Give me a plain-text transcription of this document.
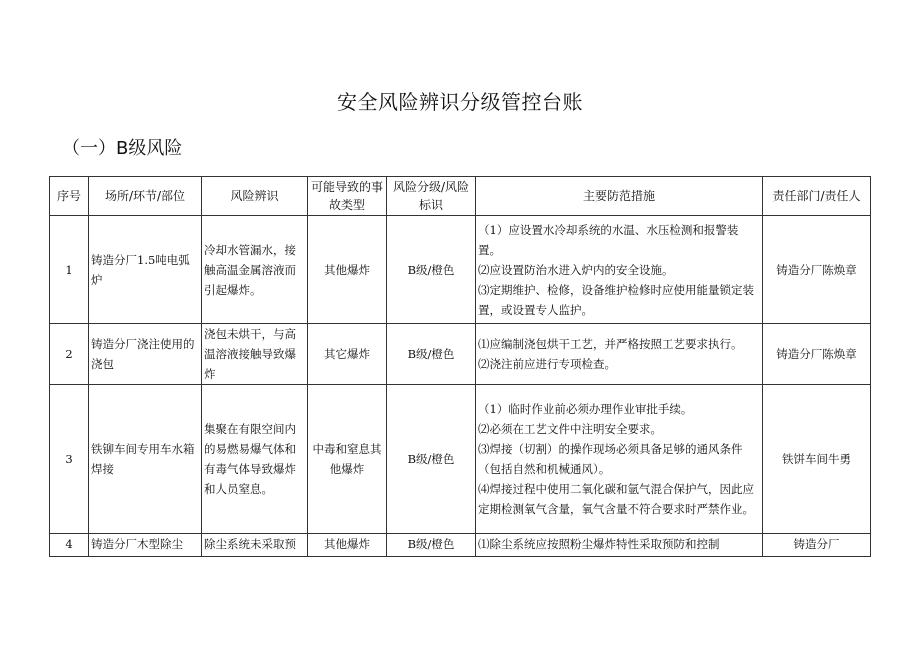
安全风险辨识分级管控台账
（一）B级风险
序号	场所/环节/部位	风险辨识	可能导致的事故类型	风险分级/风险标识	主要防范措施	责任部门/责任人
1	铸造分厂1.5吨电弧炉	冷却水管漏水，接触高温金属溶液而引起爆炸。	其他爆炸	B级/橙色	（1）应设置水冷却系统的水温、水压检测和报警装置。
⑵应设置防治水进入炉内的安全设施。
⑶定期维护、检修，设备维护检修时应使用能量锁定装置，或设置专人监护。	铸造分厂陈焕章
2	铸造分厂浇注使用的浇包	浇包未烘干，与高温溶液接触导致爆炸	其它爆炸	B级/橙色	⑴应编制浇包烘干工艺，并严格按照工艺要求执行。
⑵浇注前应进行专项检查。	铸造分厂陈焕章
3	铁铆车间专用车水箱焊接	集聚在有限空间内的易燃易爆气体和有毒气体导致爆炸和人员窒息。	中毒和窒息其他爆炸	B级/橙色	（1）临时作业前必须办理作业审批手续。
⑵必须在工艺文件中注明安全要求。
⑶焊接（切割）的操作现场必须具备足够的通风条件（包括自然和机械通风）。
⑷焊接过程中使用二氧化碳和氩气混合保护气，因此应定期检测氧气含量，氧气含量不符合要求时严禁作业。	铁饼车间牛勇
4	铸造分厂木型除尘	除尘系统未采取预	其他爆炸	B级/橙色	⑴除尘系统应按照粉尘爆炸特性采取预防和控制	铸造分厂
